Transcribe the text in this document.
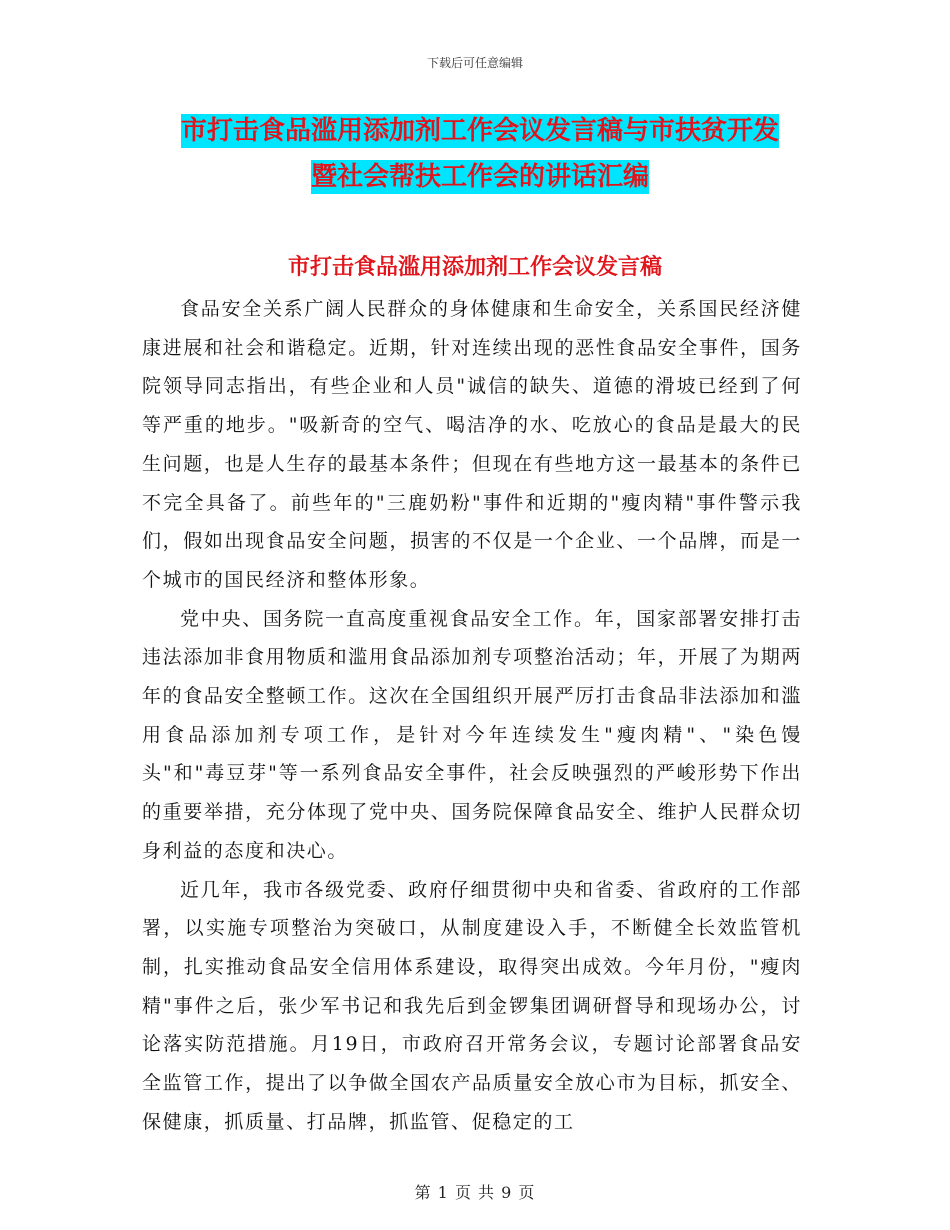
下载后可任意编辑
市打击食品滥用添加剂工作会议发言稿与市扶贫开发
暨社会帮扶工作会的讲话汇编
市打击食品滥用添加剂工作会议发言稿

食品安全关系广阔人民群众的身体健康和生命安全，关系国民经济健康进展和社会和谐稳定。近期，针对连续出现的恶性食品安全事件，国务院领导同志指出，有些企业和人员"诚信的缺失、道德的滑坡已经到了何等严重的地步。"吸新奇的空气、喝洁净的水、吃放心的食品是最大的民生问题，也是人生存的最基本条件；但现在有些地方这一最基本的条件已不完全具备了。前些年的"三鹿奶粉"事件和近期的"瘦肉精"事件警示我们，假如出现食品安全问题，损害的不仅是一个企业、一个品牌，而是一个城市的国民经济和整体形象。

党中央、国务院一直高度重视食品安全工作。年，国家部署安排打击违法添加非食用物质和滥用食品添加剂专项整治活动；年，开展了为期两年的食品安全整顿工作。这次在全国组织开展严厉打击食品非法添加和滥用食品添加剂专项工作，是针对今年连续发生"瘦肉精"、"染色馒头"和"毒豆芽"等一系列食品安全事件，社会反映强烈的严峻形势下作出的重要举措，充分体现了党中央、国务院保障食品安全、维护人民群众切身利益的态度和决心。

近几年，我市各级党委、政府仔细贯彻中央和省委、省政府的工作部署，以实施专项整治为突破口，从制度建设入手，不断健全长效监管机制，扎实推动食品安全信用体系建设，取得突出成效。今年月份，"瘦肉精"事件之后，张少军书记和我先后到金锣集团调研督导和现场办公，讨论落实防范措施。月19日，市政府召开常务会议，专题讨论部署食品安全监管工作，提出了以争做全国农产品质量安全放心市为目标，抓安全、保健康，抓质量、打品牌，抓监管、促稳定的工

第 1 页 共 9 页
